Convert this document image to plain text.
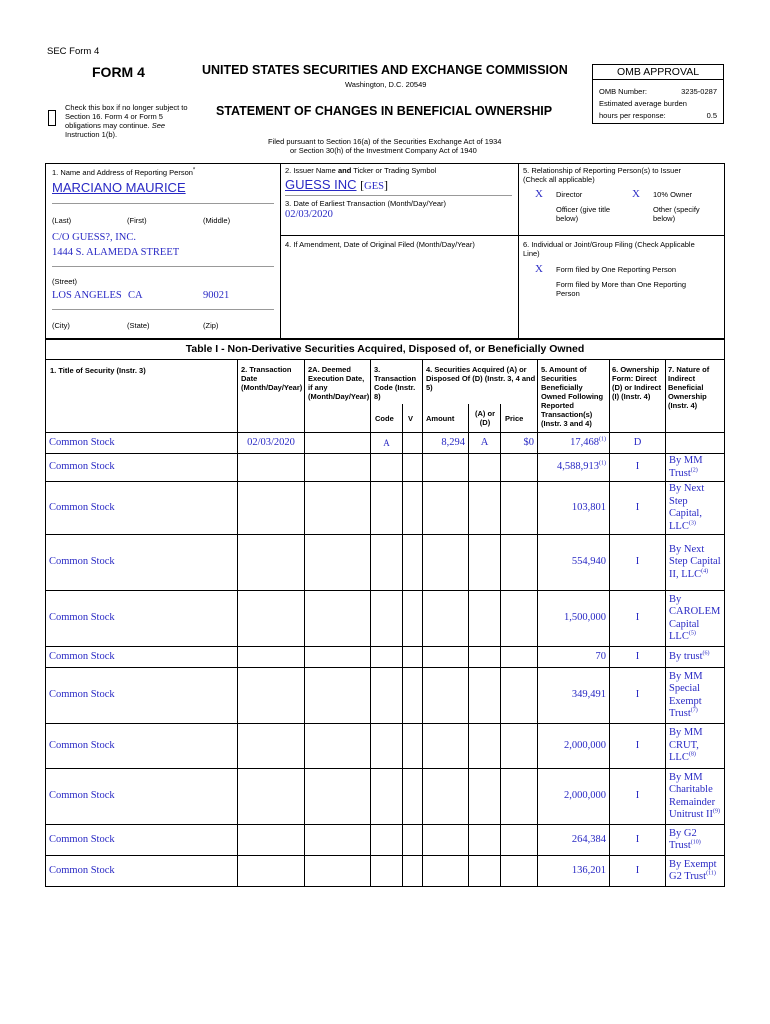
SEC Form 4
FORM 4	UNITED STATES SECURITIES AND EXCHANGE COMMISSION
Washington, D.C. 20549
Check this box if no longer subject to
Section 16. Form 4 or Form 5
obligations may continue. See
Instruction 1(b).
STATEMENT OF CHANGES IN BENEFICIAL OWNERSHIP
Filed pursuant to Section 16(a) of the Securities Exchange Act of 1934
or Section 30(h) of the Investment Company Act of 1940
OMB APPROVAL
OMB Number:	3235-0287
Estimated average burden
hours per response:	0.5
1. Name and Address of Reporting Person*
MARCIANO MAURICE
(Last)	(First)	(Middle)
C/O GUESS?, INC.
1444 S. ALAMEDA STREET
(Street)
LOS ANGELES CA	90021
(City)	(State)	(Zip)
2. Issuer Name and Ticker or Trading Symbol
GUESS INC [GES]
3. Date of Earliest Transaction (Month/Day/Year)
02/03/2020
4. If Amendment, Date of Original Filed (Month/Day/Year)
5. Relationship of Reporting Person(s) to Issuer
(Check all applicable)
X Director	X 10% Owner
Officer (give title
below)
Other (specify
below)
6. Individual or Joint/Group Filing (Check Applicable
Line)
X Form filed by One Reporting Person
Form filed by More than One Reporting
Person
Table I - Non-Derivative Securities Acquired, Disposed of, or Beneficially Owned
1. Title of Security (Instr. 3)	2. Transaction Date (Month/Day/Year)
2A. Deemed Execution Date, if any (Month/Day/Year)
3. Transaction Code (Instr. 8)
4. Securities Acquired (A) or Disposed Of (D) (Instr. 3, 4 and 5)
5. Amount of Securities Beneficially Owned Following Reported Transaction(s) (Instr. 3 and 4)
6. Ownership Form: Direct (D) or Indirect (I) (Instr. 4)
7. Nature of Indirect Beneficial Ownership (Instr. 4)
Code V Amount
(A) or (D)	Price
Common Stock	02/03/2020		A		8,294	A	$0	17,468$^{(1)}$	D	
Common Stock								4,588,913$^{(1)}$	I	By MM Trust$^{(2)}$
Common Stock								103,801	I	By Next Step Capital, LLC$^{(3)}$
Common Stock								554,940	I	By Next Step Capital II, LLC$^{(4)}$
Common Stock								1,500,000	I	By CAROLEM Capital LLC$^{(5)}$
Common Stock								70	I	By trust$^{(6)}$
Common Stock								349,491	I	By MM Special Exempt Trust$^{(7)}$
Common Stock								2,000,000	I	By MM CRUT, LLC$^{(8)}$
Common Stock								2,000,000	I	By MM Charitable Remainder Unitrust II$^{(9)}$
Common Stock								264,384	I	By G2 Trust$^{(10)}$
Common Stock								136,201	I	By Exempt G2 Trust$^{(11)}$
